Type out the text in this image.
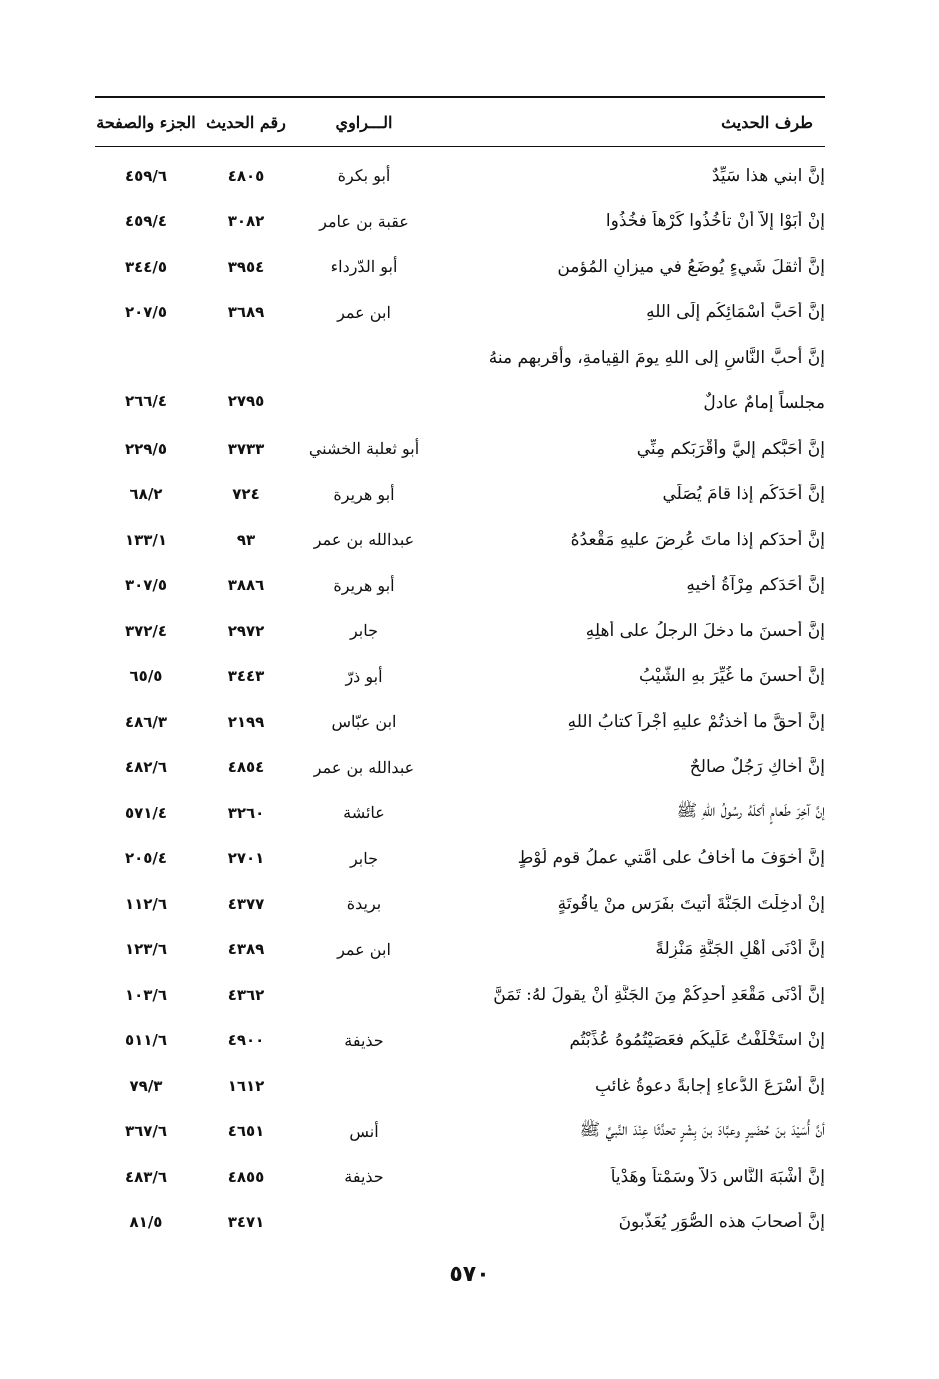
طرف الحديث
الـــراوي
رقم الحديث
الجزء والصفحة
إنَّ ابني هذا سَيِّدٌ
أبو بكرة
٤٨٠٥
٤٥٩/٦
إنْ أَبَوْا إلاَّ أنْ تأخُذُوا كَرْهاً فخُذُوا
عقبة بن عامر
٣٠٨٢
٤٥٩/٤
إنَّ أثقلَ شَيءٍ يُوضَعُ في ميزانِ المُؤمنِ
أبو الدّرداء
٣٩٥٤
٣٤٤/٥
إنَّ أَحَبَّ أَسْمَائِكُم إِلَى اللهِ
ابن عمر
٣٦٨٩
٢٠٧/٥
إنَّ أحبَّ النَّاسِ إلى اللهِ يومَ القِيامةِ، وأقربهم منهُ
مجلساً إمامٌ عادلٌ
٢٧٩٥
٢٦٦/٤
إنَّ أَحَبَّكم إِليَّ وأَقْرَبَكم مِنِّي
أبو ثعلبة الخشني
٣٧٣٣
٢٢٩/٥
إنَّ أَحَدَكُم إذا قامَ يُصَلِّي
أبو هريرة
٧٢٤
٦٨/٢
إنَّ أحدَكم إذا ماتَ عُرِضَ عليهِ مَقْعدُهُ
عبدالله بن عمر
٩٣
١٣٣/١
إنَّ أَحَدَكم مِرْآةُ أخيهِ
أبو هريرة
٣٨٨٦
٣٠٧/٥
إنَّ أحسنَ ما دخلَ الرجلُ على أهلِهِ
جابر
٢٩٧٢
٣٧٢/٤
إنَّ أحسنَ ما غُيِّرَ بهِ الشَّيْبُ
أبو ذرّ
٣٤٤٣
٦٥/٥
إنَّ أحقَّ ما أخذتُمْ عليهِ أجْراً كتابُ اللهِ
ابن عبّاس
٢١٩٩
٤٨٦/٣
إنَّ أخاكِ رَجُلٌ صالحٌ
عبدالله بن عمر
٤٨٥٤
٤٨٢/٦
إنَّ آخِرَ طَعامٍ أكلَهُ رسُولُ اللهِ ﷺ
عائشة
٣٢٦٠
٥٧١/٤
إنَّ أخوَفَ ما أخافُ على أمَّتي عملُ قومِ لُوْطٍ
جابر
٢٧٠١
٢٠٥/٤
إنْ أُدخِلْتَ الجَنَّةَ أُتيتَ بفَرَسٍ منْ ياقُوتَةٍ
بريدة
٤٣٧٧
١١٢/٦
إنَّ أدْنَى أَهْلِ الجَنَّةِ مَنْزِلةً
ابن عمر
٤٣٨٩
١٢٣/٦
إنَّ أدْنَى مَقْعَدِ أَحدِكُمْ مِنَ الجَنَّةِ أنْ يقولَ لهُ: تَمَنَّ
٤٣٦٢
١٠٣/٦
إنْ استَخْلَفْتُ عَلَيكُم فعَصَيْتُمُوهُ عُذِّبْتُم
حذيفة
٤٩٠٠
٥١١/٦
إنَّ أَسْرَعَ الدُّعاءِ إجابةً دعوةُ غائبٍ
١٦١٢
٧٩/٣
أنَّ أُسَيْدَ بنَ حُضَيرٍ وعبَّادَ بنَ بِشْرٍ تحدَّثَا عِنْدَ النَّبيِّ ﷺ
أنس
٤٦٥١
٣٦٧/٦
إنَّ أَشْبَهَ النَّاسِ دَلاًّ وسَمْتاً وهَدْياً
حذيفة
٤٨٥٥
٤٨٣/٦
إنَّ أصحابَ هذه الصُّوَرِ يُعَذَّبونَ
٣٤٧١
٨١/٥
٥٧٠
